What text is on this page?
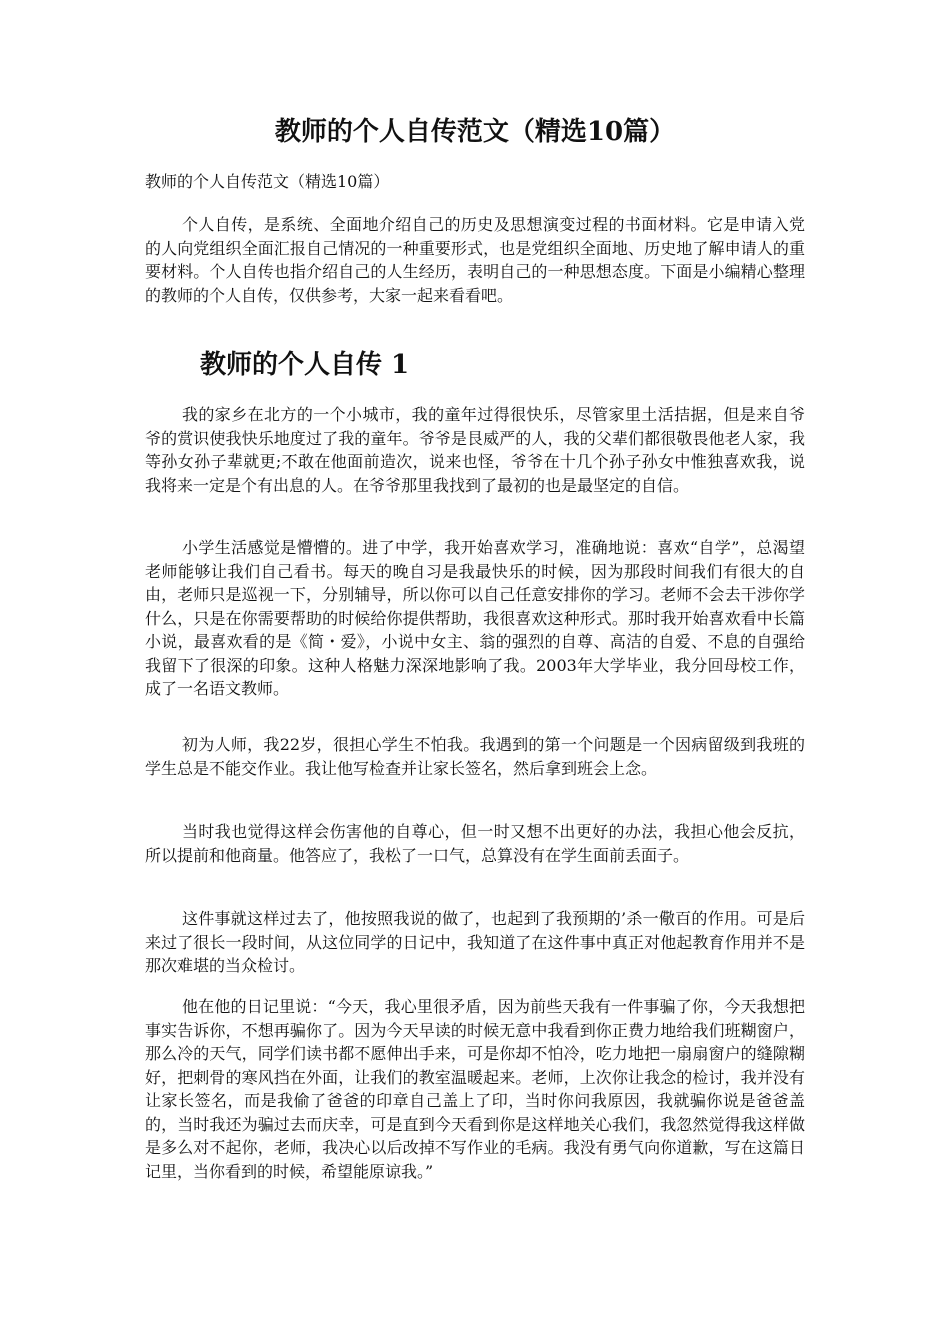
教师的个人自传范文（精选10篇）

教师的个人自传范文（精选10篇）

个人自传，是系统、全面地介绍自己的历史及思想演变过程的书面材料。它是申请入党的人向党组织全面汇报自己情况的一种重要形式，也是党组织全面地、历史地了解申请人的重要材料。个人自传也指介绍自己的人生经历，表明自己的一种思想态度。下面是小编精心整理的教师的个人自传，仅供参考，大家一起来看看吧。

教师的个人自传 1

我的家乡在北方的一个小城市，我的童年过得很快乐，尽管家里土活拮据，但是来自爷爷的赏识使我快乐地度过了我的童年。爷爷是艮威严的人，我的父辈们都很敬畏他老人家，我等孙女孙子辈就更;不敢在他面前造次，说来也怪，爷爷在十几个孙子孙女中惟独喜欢我，说我将来一定是个有出息的人。在爷爷那里我找到了最初的也是最坚定的自信。

小学生活感觉是懵懵的。进了中学，我开始喜欢学习，准确地说：喜欢“自学”，总渴望老师能够让我们自己看书。每天的晚自习是我最快乐的时候，因为那段时间我们有很大的自由，老师只是巡视一下，分别辅导，所以你可以自己任意安排你的学习。老师不会去干涉你学什么，只是在你需要帮助的时候给你提供帮助，我很喜欢这种形式。那时我开始喜欢看中长篇小说，最喜欢看的是《简・爱》，小说中女主、翁的强烈的自尊、高洁的自爱、不息的自强给我留下了很深的印象。这种人格魅力深深地影响了我。2003年大学毕业，我分回母校工作，成了一名语文教师。

初为人师，我22岁，很担心学生不怕我。我遇到的第一个问题是一个因病留级到我班的学生总是不能交作业。我让他写检查并让家长签名，然后拿到班会上念。

当时我也觉得这样会伤害他的自尊心，但一时又想不出更好的办法，我担心他会反抗，所以提前和他商量。他答应了，我松了一口气，总算没有在学生面前丢面子。

这件事就这样过去了，他按照我说的做了，也起到了我预期的’杀一儆百的作用。可是后来过了很长一段时间，从这位同学的日记中，我知道了在这件事中真正对他起教育作用并不是那次难堪的当众检讨。

他在他的日记里说：“今天，我心里很矛盾，因为前些天我有一件事骗了你，今天我想把事实告诉你，不想再骗你了。因为今天早读的时候无意中我看到你正费力地给我们班糊窗户，那么冷的天气，同学们读书都不愿伸出手来，可是你却不怕冷，吃力地把一扇扇窗户的缝隙糊好，把刺骨的寒风挡在外面，让我们的教室温暖起来。老师，上次你让我念的检讨，我并没有让家长签名，而是我偷了爸爸的印章自己盖上了印，当时你问我原因，我就骗你说是爸爸盖的，当时我还为骗过去而庆幸，可是直到今天看到你是这样地关心我们，我忽然觉得我这样做是多么对不起你，老师，我决心以后改掉不写作业的毛病。我没有勇气向你道歉，写在这篇日记里，当你看到的时候，希望能原谅我。”
